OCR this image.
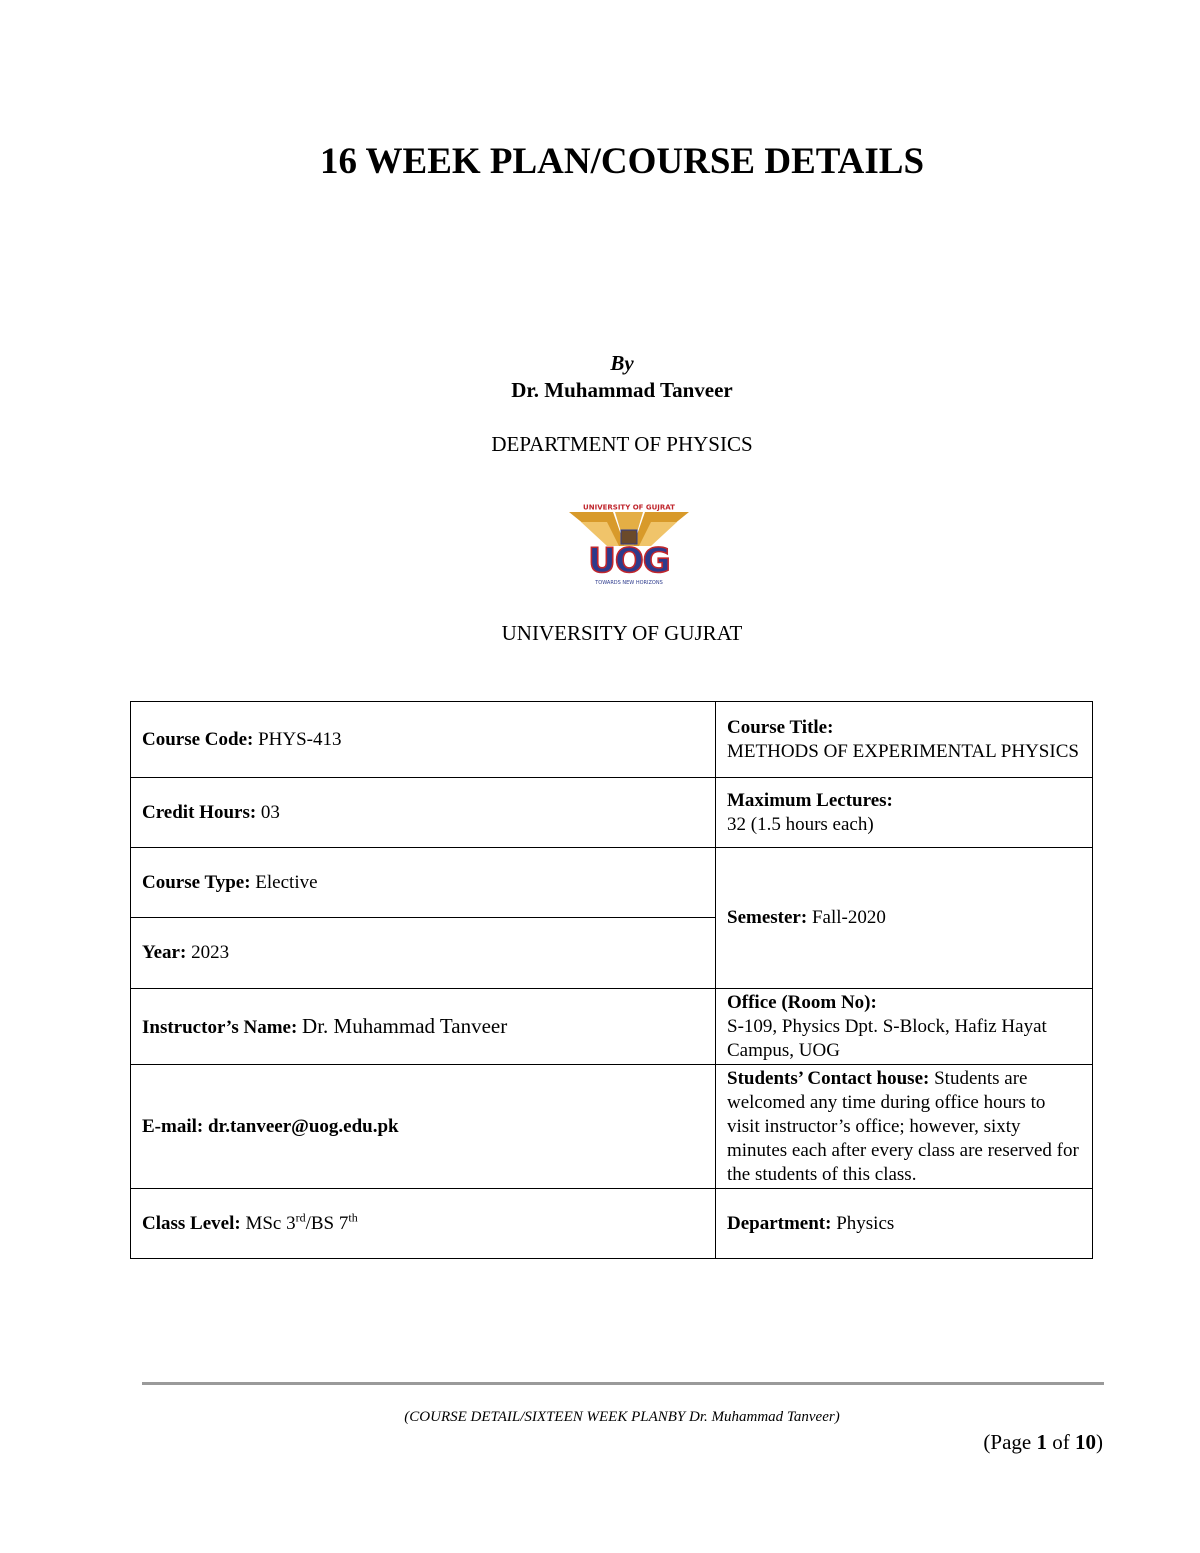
16 WEEK PLAN/COURSE DETAILS
By
Dr. Muhammad Tanveer
DEPARTMENT OF PHYSICS
UNIVERSITY OF GUJRAT
UOG
TOWARDS NEW HORIZONS
UNIVERSITY OF GUJRAT
Course Code: PHYS-413	Course Title:
METHODS OF EXPERIMENTAL PHYSICS

Credit Hours: 03	Maximum Lectures:
32 (1.5 hours each)

Course Type: Elective	Semester: Fall-2020
Year: 2023	
Instructor’s Name: Dr. Muhammad Tanveer	Office (Room No):
S-109, Physics Dpt. S-Block, Hafiz Hayat Campus, UOG

E-mail: dr.tanveer@uog.edu.pk	Students’ Contact house: Students are welcomed any time during office hours to visit instructor’s office; however, sixty minutes each after every class are reserved for the students of this class.
Class Level: MSc 3rd/BS 7th	Department: Physics
(COURSE DETAIL/SIXTEEN WEEK PLANBY Dr. Muhammad Tanveer)
(Page 1 of 10)
